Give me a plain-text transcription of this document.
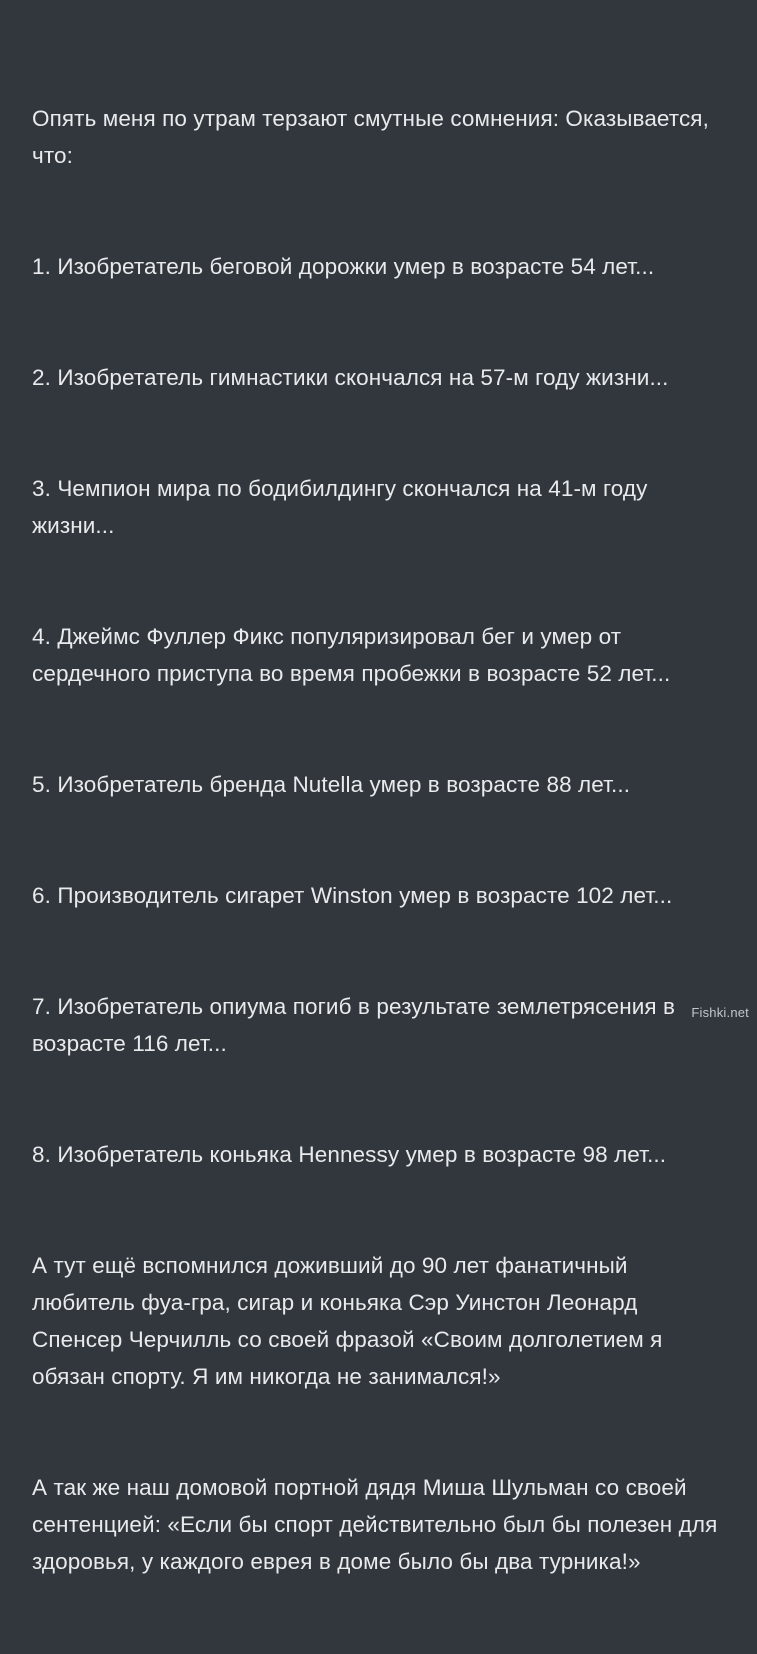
Опять меня по утрам терзают смутные сомнения: Оказывается, что:

1. Изобретатель беговой дорожки умер в возрасте 54 лет...

2. Изобретатель гимнастики скончался на 57-м году жизни...

3. Чемпион мира по бодибилдингу скончался на 41-м году жизни...

4. Джеймс Фуллер Фикс популяризировал бег и умер от сердечного приступа во время пробежки в возрасте 52 лет...

5. Изобретатель бренда Nutella умер в возрасте 88 лет...

6. Производитель сигарет Winston умер в возрасте 102 лет...

7. Изобретатель опиума погиб в результате землетрясения в возрасте 116 лет...

8. Изобретатель коньяка Hennessy умер в возрасте 98 лет...

А тут ещё вспомнился доживший до 90 лет фанатичный любитель фуа-гра, сигар и коньяка Сэр Уинстон Леонард Спенсер Черчилль со своей фразой «Своим долголетием я обязан спорту. Я им никогда не занимался!»

А так же наш домовой портной дядя Миша Шульман со своей сентенцией: «Если бы спорт действительно был бы полезен для здоровья, у каждого еврея в доме было бы два турника!»

Fishki.net
